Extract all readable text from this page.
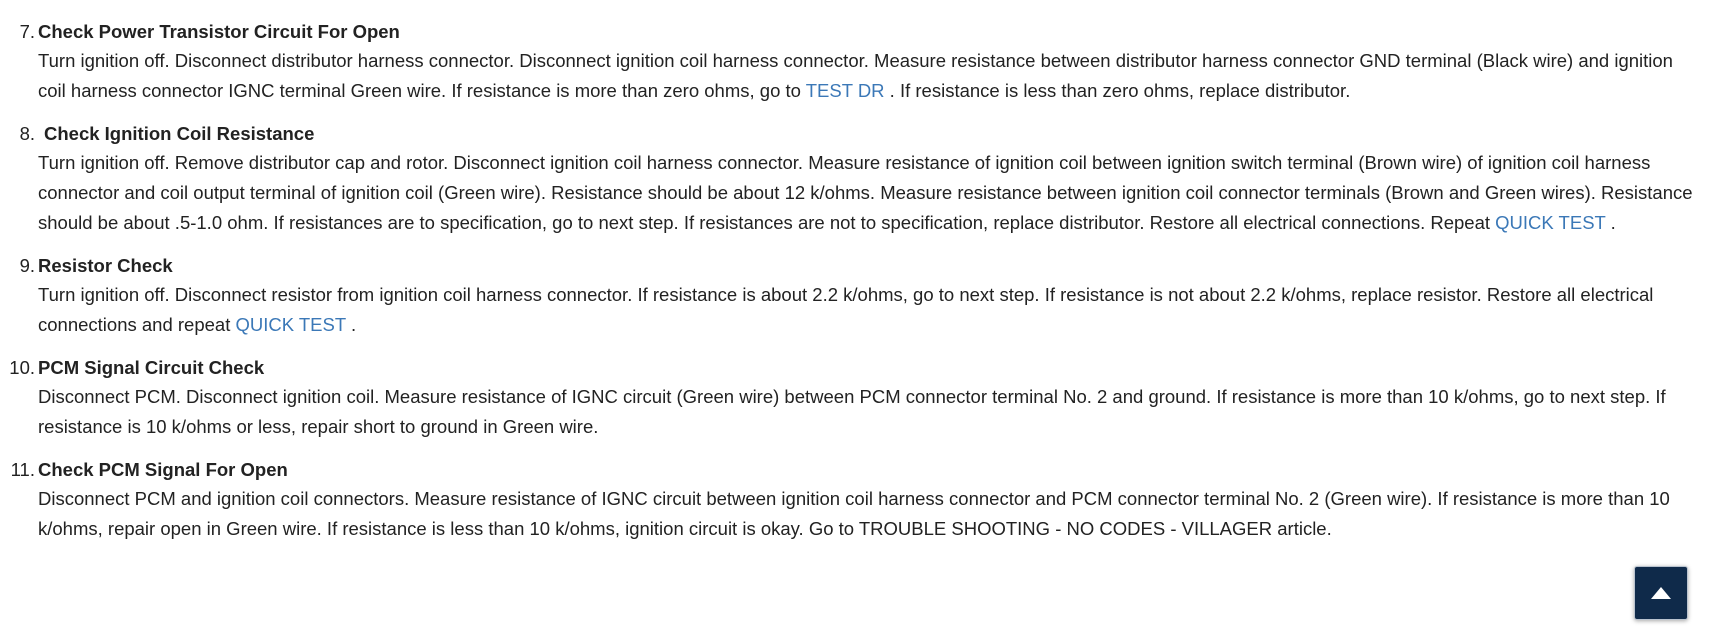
7. Check Power Transistor Circuit For Open
Turn ignition off. Disconnect distributor harness connector. Disconnect ignition coil harness connector. Measure resistance between distributor harness connector GND terminal (Black wire) and ignition coil harness connector IGNC terminal Green wire. If resistance is more than zero ohms, go to TEST DR . If resistance is less than zero ohms, replace distributor.
8. Check Ignition Coil Resistance
Turn ignition off. Remove distributor cap and rotor. Disconnect ignition coil harness connector. Measure resistance of ignition coil between ignition switch terminal (Brown wire) of ignition coil harness connector and coil output terminal of ignition coil (Green wire). Resistance should be about 12 k/ohms. Measure resistance between ignition coil connector terminals (Brown and Green wires). Resistance should be about .5-1.0 ohm. If resistances are to specification, go to next step. If resistances are not to specification, replace distributor. Restore all electrical connections. Repeat QUICK TEST .
9. Resistor Check
Turn ignition off. Disconnect resistor from ignition coil harness connector. If resistance is about 2.2 k/ohms, go to next step. If resistance is not about 2.2 k/ohms, replace resistor. Restore all electrical connections and repeat QUICK TEST .
10. PCM Signal Circuit Check
Disconnect PCM. Disconnect ignition coil. Measure resistance of IGNC circuit (Green wire) between PCM connector terminal No. 2 and ground. If resistance is more than 10 k/ohms, go to next step. If resistance is 10 k/ohms or less, repair short to ground in Green wire.
11. Check PCM Signal For Open
Disconnect PCM and ignition coil connectors. Measure resistance of IGNC circuit between ignition coil harness connector and PCM connector terminal No. 2 (Green wire). If resistance is more than 10 k/ohms, repair open in Green wire. If resistance is less than 10 k/ohms, ignition circuit is okay. Go to TROUBLE SHOOTING - NO CODES - VILLAGER article.
